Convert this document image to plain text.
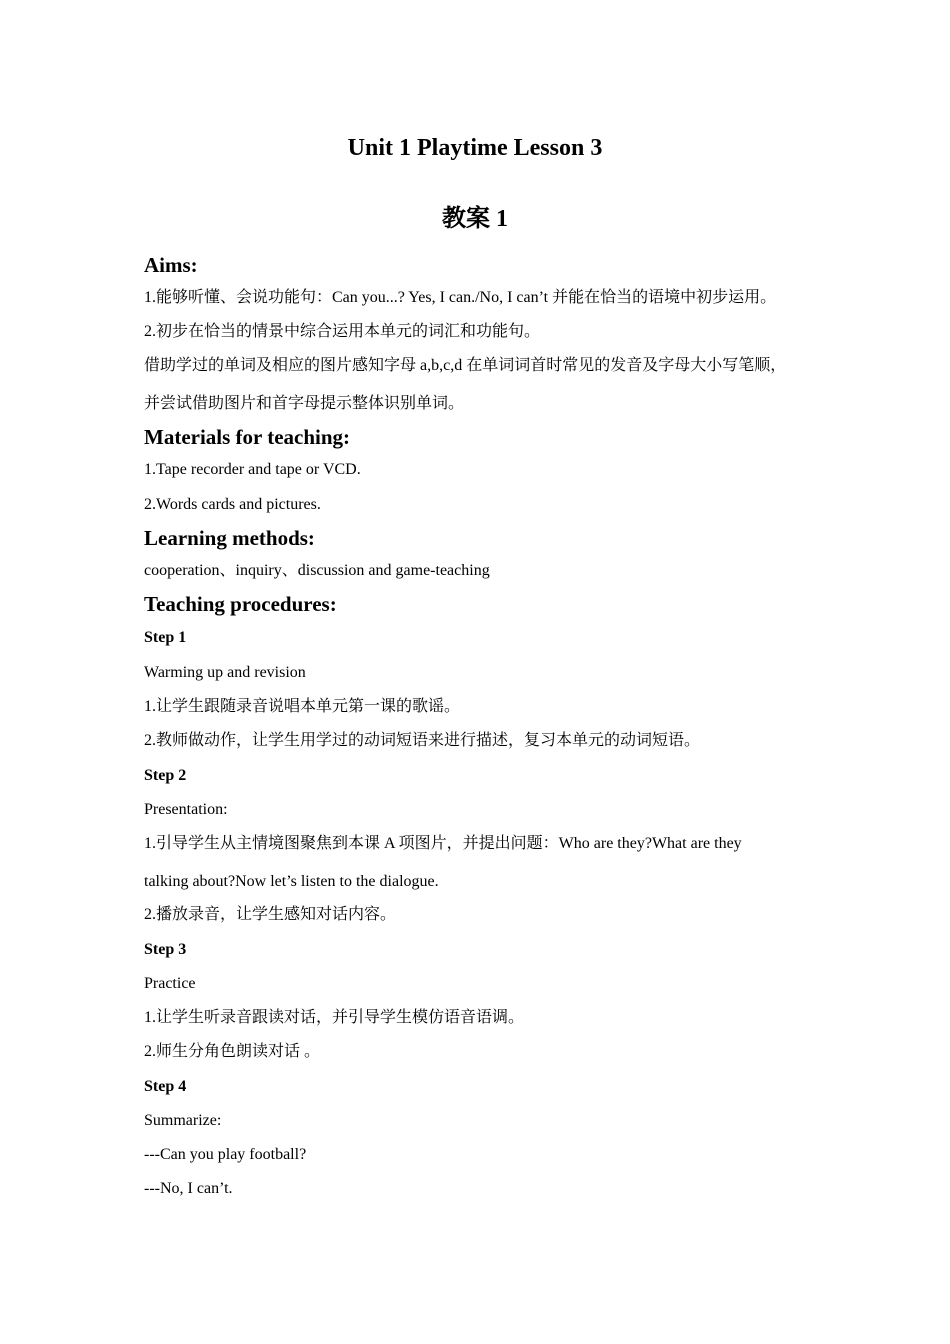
Unit 1 Playtime Lesson 3
教案 1
Aims:
1.能够听懂、会说功能句：Can you...? Yes, I can./No, I can’t 并能在恰当的语境中初步运用。
2.初步在恰当的情景中综合运用本单元的词汇和功能句。
借助学过的单词及相应的图片感知字母 a,b,c,d 在单词词首时常见的发音及字母大小写笔顺，
并尝试借助图片和首字母提示整体识别单词。
Materials for teaching:
1.Tape recorder and tape or VCD.
2.Words cards and pictures.
Learning methods:
cooperation、inquiry、discussion and game-teaching
Teaching procedures:
Step 1
Warming up and revision
1.让学生跟随录音说唱本单元第一课的歌谣。
2.教师做动作，让学生用学过的动词短语来进行描述，复习本单元的动词短语。
Step 2
Presentation:
1.引导学生从主情境图聚焦到本课 A 项图片，并提出问题：Who are they?What are they
talking about?Now let’s listen to the dialogue.
2.播放录音，让学生感知对话内容。
Step 3
Practice
1.让学生听录音跟读对话，并引导学生模仿语音语调。
2.师生分角色朗读对话 。
Step 4
Summarize:
---Can you play football?
---No, I can’t.
